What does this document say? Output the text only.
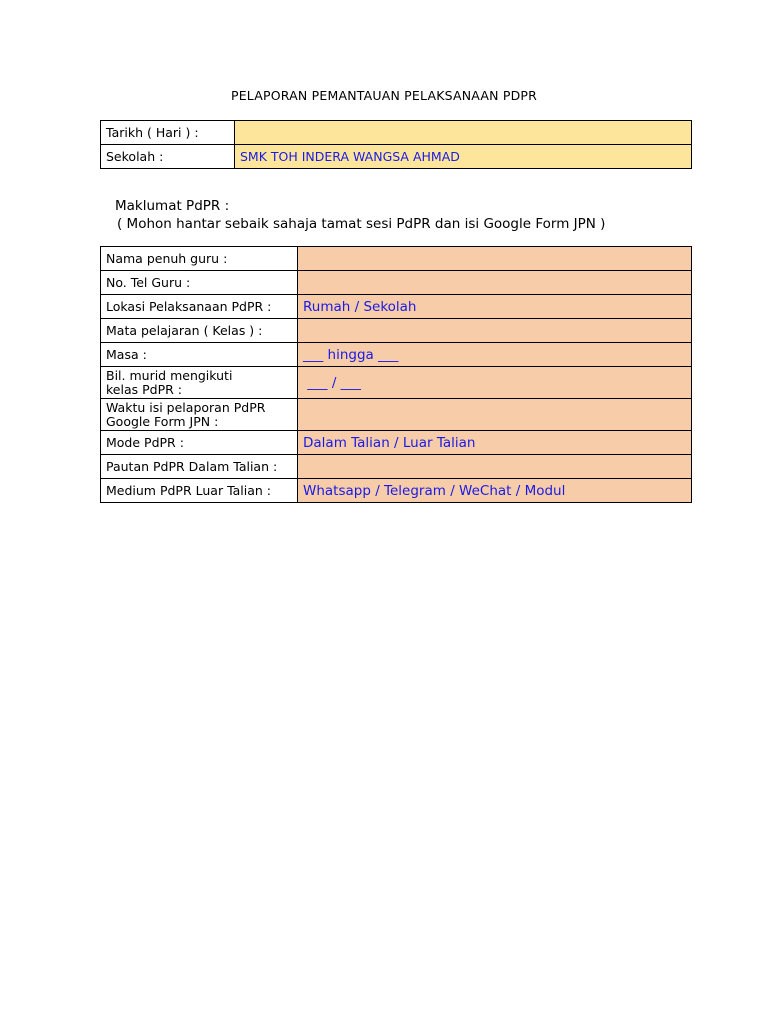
PELAPORAN PEMANTAUAN PELAKSANAAN PDPR
Tarikh ( Hari ) :	
Sekolah :	SMK TOH INDERA WANGSA AHMAD
Maklumat PdPR :
( Mohon hantar sebaik sahaja tamat sesi PdPR dan isi Google Form JPN )
Nama penuh guru :	
No. Tel Guru :	
Lokasi Pelaksanaan PdPR :	Rumah / Sekolah
Mata pelajaran ( Kelas ) :	
Masa :	___ hingga ___

Bil. murid mengikuti
kelas PdPR :	___ / ___

Waktu isi pelaporan PdPR
Google Form JPN :	

Mode PdPR :	Dalam Talian / Luar Talian
Pautan PdPR Dalam Talian :	
Medium PdPR Luar Talian :	Whatsapp / Telegram / WeChat / Modul
